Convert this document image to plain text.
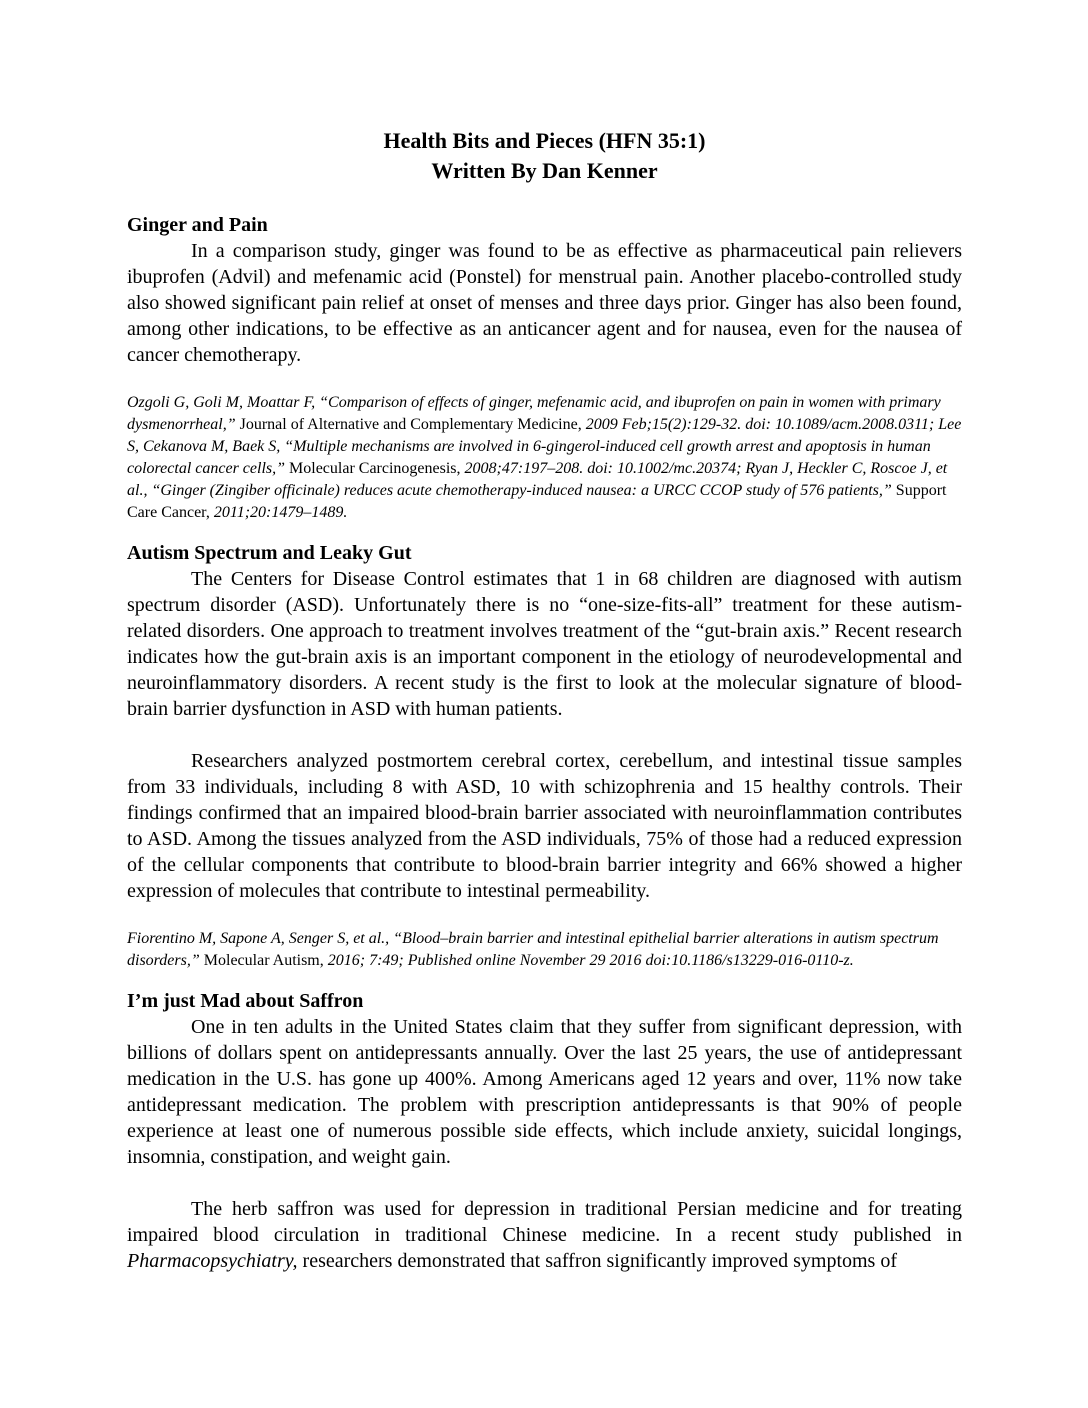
Health Bits and Pieces (HFN 35:1)
Written By Dan Kenner
Ginger and Pain

In a comparison study, ginger was found to be as effective as pharmaceutical pain relievers ibuprofen (Advil) and mefenamic acid (Ponstel) for menstrual pain. Another placebo-controlled study also showed significant pain relief at onset of menses and three days prior. Ginger has also been found, among other indications, to be effective as an anticancer agent and for nausea, even for the nausea of cancer chemotherapy.

Ozgoli G, Goli M, Moattar F, “Comparison of effects of ginger, mefenamic acid, and ibuprofen on pain in women with primary dysmenorrheal,” Journal of Alternative and Complementary Medicine, 2009 Feb;15(2):129-32. doi: 10.1089/acm.2008.0311; Lee S, Cekanova M, Baek S, “Multiple mechanisms are involved in 6-gingerol-induced cell growth arrest and apoptosis in human colorectal cancer cells,” Molecular Carcinogenesis, 2008;47:197–208. doi: 10.1002/mc.20374; Ryan J, Heckler C, Roscoe J, et al., “Ginger (Zingiber officinale) reduces acute chemotherapy-induced nausea: a URCC CCOP study of 576 patients,” Support Care Cancer, 2011;20:1479–1489.

Autism Spectrum and Leaky Gut

The Centers for Disease Control estimates that 1 in 68 children are diagnosed with autism spectrum disorder (ASD). Unfortunately there is no “one-size-fits-all” treatment for these autism-related disorders. One approach to treatment involves treatment of the “gut-brain axis.” Recent research indicates how the gut-brain axis is an important component in the etiology of neurodevelopmental and neuroinflammatory disorders. A recent study is the first to look at the molecular signature of blood-brain barrier dysfunction in ASD with human patients.

Researchers analyzed postmortem cerebral cortex, cerebellum, and intestinal tissue samples from 33 individuals, including 8 with ASD, 10 with schizophrenia and 15 healthy controls. Their findings confirmed that an impaired blood-brain barrier associated with neuroinflammation contributes to ASD. Among the tissues analyzed from the ASD individuals, 75% of those had a reduced expression of the cellular components that contribute to blood-brain barrier integrity and 66% showed a higher expression of molecules that contribute to intestinal permeability.

Fiorentino M, Sapone A, Senger S, et al., “Blood–brain barrier and intestinal epithelial barrier alterations in autism spectrum disorders,” Molecular Autism, 2016; 7:49; Published online November 29 2016 doi:10.1186/s13229-016-0110-z.

I’m just Mad about Saffron

One in ten adults in the United States claim that they suffer from significant depression, with billions of dollars spent on antidepressants annually. Over the last 25 years, the use of antidepressant medication in the U.S. has gone up 400%. Among Americans aged 12 years and over, 11% now take antidepressant medication. The problem with prescription antidepressants is that 90% of people experience at least one of numerous possible side effects, which include anxiety, suicidal longings, insomnia, constipation, and weight gain.

The herb saffron was used for depression in traditional Persian medicine and for treating impaired blood circulation in traditional Chinese medicine. In a recent study published in Pharmacopsychiatry, researchers demonstrated that saffron significantly improved symptoms of
